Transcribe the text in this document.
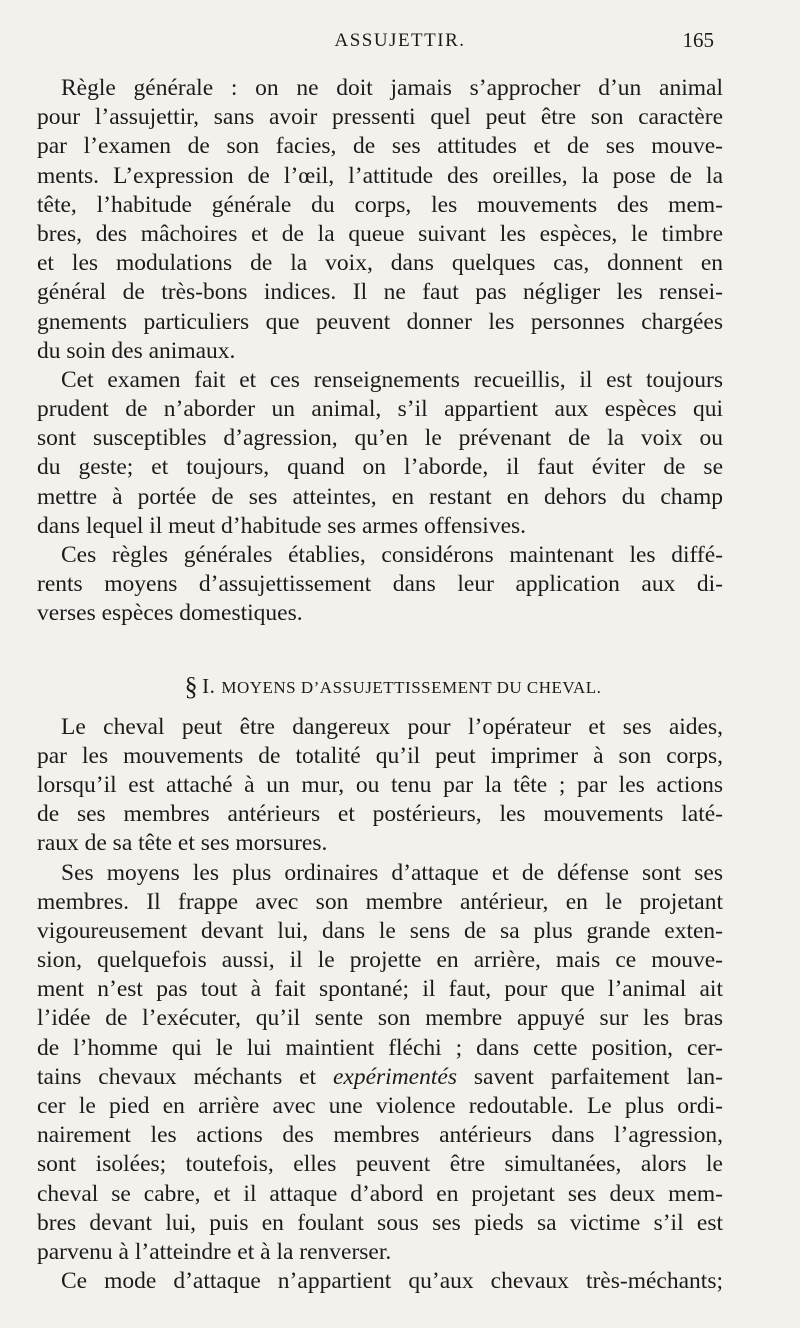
ASSUJETTIR.	165
Règle générale : on ne doit jamais s’approcher d’un animal
pour l’assujettir, sans avoir pressenti quel peut être son caractère
par l’examen de son facies, de ses attitudes et de ses mouve-
ments. L’expression de l’œil, l’attitude des oreilles, la pose de la
tête, l’habitude générale du corps, les mouvements des mem-
bres, des mâchoires et de la queue suivant les espèces, le timbre
et les modulations de la voix, dans quelques cas, donnent en
général de très-bons indices. Il ne faut pas négliger les rensei-
gnements particuliers que peuvent donner les personnes chargées
du soin des animaux.
Cet examen fait et ces renseignements recueillis, il est toujours
prudent de n’aborder un animal, s’il appartient aux espèces qui
sont susceptibles d’agression, qu’en le prévenant de la voix ou
du geste; et toujours, quand on l’aborde, il faut éviter de se
mettre à portée de ses atteintes, en restant en dehors du champ
dans lequel il meut d’habitude ses armes offensives.
Ces règles générales établies, considérons maintenant les diffé-
rents moyens d’assujettissement dans leur application aux di-
verses espèces domestiques.
§ I. MOYENS D’ASSUJETTISSEMENT DU CHEVAL.
Le cheval peut être dangereux pour l’opérateur et ses aides,
par les mouvements de totalité qu’il peut imprimer à son corps,
lorsqu’il est attaché à un mur, ou tenu par la tête ; par les actions
de ses membres antérieurs et postérieurs, les mouvements laté-
raux de sa tête et ses morsures.
Ses moyens les plus ordinaires d’attaque et de défense sont ses
membres. Il frappe avec son membre antérieur, en le projetant
vigoureusement devant lui, dans le sens de sa plus grande exten-
sion, quelquefois aussi, il le projette en arrière, mais ce mouve-
ment n’est pas tout à fait spontané; il faut, pour que l’animal ait
l’idée de l’exécuter, qu’il sente son membre appuyé sur les bras
de l’homme qui le lui maintient fléchi ; dans cette position, cer-
tains chevaux méchants et expérimentés savent parfaitement lan-
cer le pied en arrière avec une violence redoutable. Le plus ordi-
nairement les actions des membres antérieurs dans l’agression,
sont isolées; toutefois, elles peuvent être simultanées, alors le
cheval se cabre, et il attaque d’abord en projetant ses deux mem-
bres devant lui, puis en foulant sous ses pieds sa victime s’il est
parvenu à l’atteindre et à la renverser.
Ce mode d’attaque n’appartient qu’aux chevaux très-méchants;
